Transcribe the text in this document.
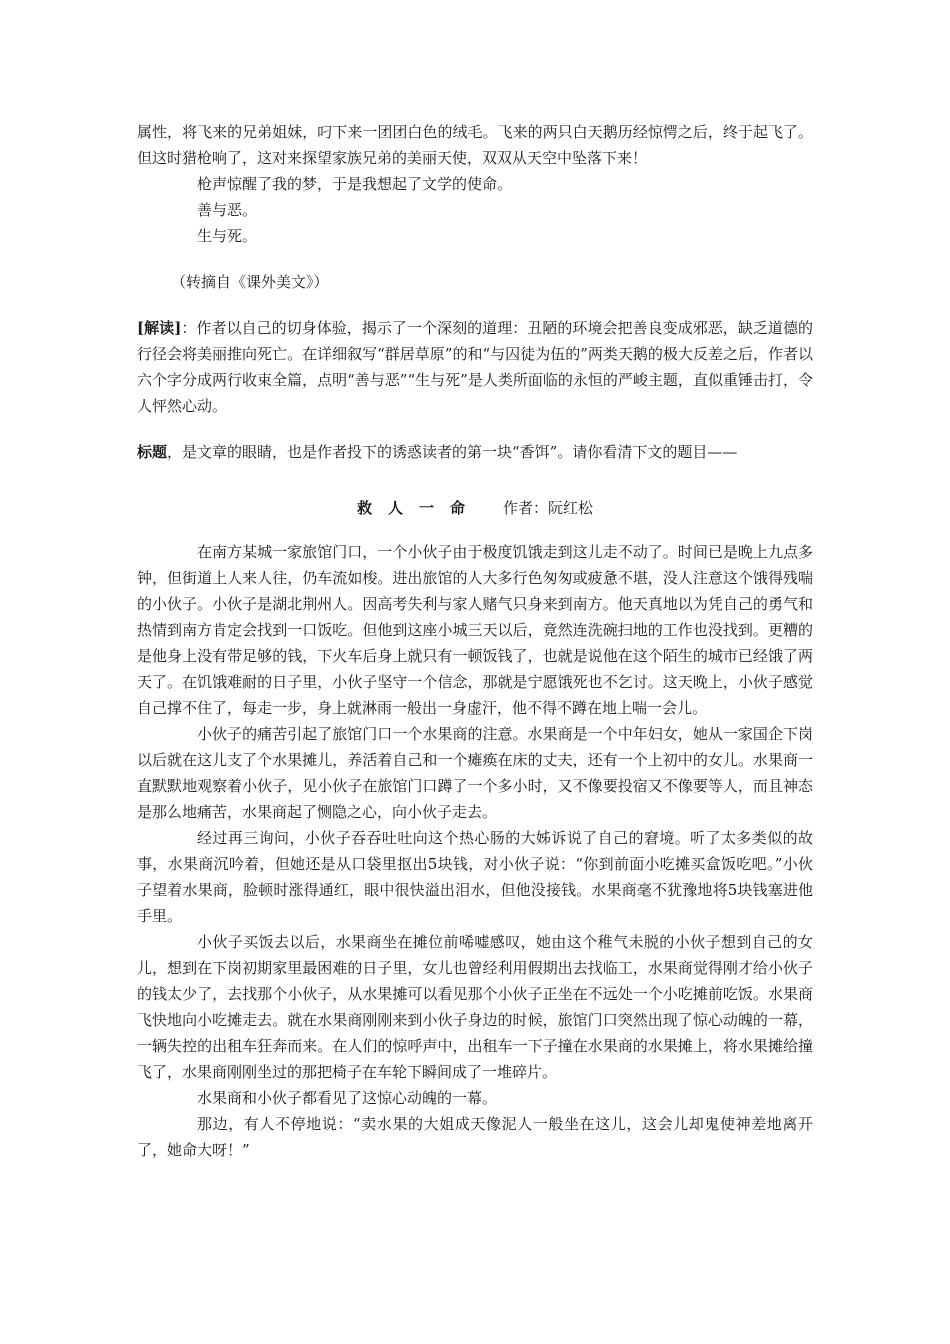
属性，将飞来的兄弟姐妹，叼下来一团团白色的绒毛。飞来的两只白天鹅历经惊愕之后，终于起飞了。但这时猎枪响了，这对来探望家族兄弟的美丽天使，双双从天空中坠落下来！

枪声惊醒了我的梦，于是我想起了文学的使命。

善与恶。

生与死。

（转摘自《课外美文》）

[解读]：作者以自己的切身体验，揭示了一个深刻的道理：丑陋的环境会把善良变成邪恶，缺乏道德的行径会将美丽推向死亡。在详细叙写“群居草原”的和“与囚徒为伍的”两类天鹅的极大反差之后，作者以六个字分成两行收束全篇，点明“善与恶”“生与死”是人类所面临的永恒的严峻主题，直似重锤击打，令人怦然心动。

标题，是文章的眼睛，也是作者投下的诱惑读者的第一块“香饵”。请你看清下文的题目——

救人一命 作者：阮红松

在南方某城一家旅馆门口，一个小伙子由于极度饥饿走到这儿走不动了。时间已是晚上九点多钟，但街道上人来人往，仍车流如梭。进出旅馆的人大多行色匆匆或疲惫不堪，没人注意这个饿得残喘的小伙子。小伙子是湖北荆州人。因高考失利与家人赌气只身来到南方。他天真地以为凭自己的勇气和热情到南方肯定会找到一口饭吃。但他到这座小城三天以后，竟然连洗碗扫地的工作也没找到。更糟的是他身上没有带足够的钱，下火车后身上就只有一顿饭钱了，也就是说他在这个陌生的城市已经饿了两天了。在饥饿难耐的日子里，小伙子坚守一个信念，那就是宁愿饿死也不乞讨。这天晚上，小伙子感觉自己撑不住了，每走一步，身上就淋雨一般出一身虚汗，他不得不蹲在地上喘一会儿。

小伙子的痛苦引起了旅馆门口一个水果商的注意。水果商是一个中年妇女，她从一家国企下岗以后就在这儿支了个水果摊儿，养活着自己和一个瘫痪在床的丈夫，还有一个上初中的女儿。水果商一直默默地观察着小伙子，见小伙子在旅馆门口蹲了一个多小时，又不像要投宿又不像要等人，而且神态是那么地痛苦，水果商起了恻隐之心，向小伙子走去。

经过再三询问，小伙子吞吞吐吐向这个热心肠的大姊诉说了自己的窘境。听了太多类似的故事，水果商沉吟着，但她还是从口袋里抠出5块钱，对小伙子说：“你到前面小吃摊买盒饭吃吧。”小伙子望着水果商，脸顿时涨得通红，眼中很快溢出泪水，但他没接钱。水果商毫不犹豫地将5块钱塞进他手里。

小伙子买饭去以后，水果商坐在摊位前唏嘘感叹，她由这个稚气未脱的小伙子想到自己的女儿，想到在下岗初期家里最困难的日子里，女儿也曾经利用假期出去找临工，水果商觉得刚才给小伙子的钱太少了，去找那个小伙子，从水果摊可以看见那个小伙子正坐在不远处一个小吃摊前吃饭。水果商飞快地向小吃摊走去。就在水果商刚刚来到小伙子身边的时候，旅馆门口突然出现了惊心动魄的一幕，一辆失控的出租车狂奔而来。在人们的惊呼声中，出租车一下子撞在水果商的水果摊上，将水果摊给撞飞了，水果商刚刚坐过的那把椅子在车轮下瞬间成了一堆碎片。

水果商和小伙子都看见了这惊心动魄的一幕。

那边，有人不停地说：“卖水果的大姐成天像泥人一般坐在这儿，这会儿却鬼使神差地离开了，她命大呀！”
